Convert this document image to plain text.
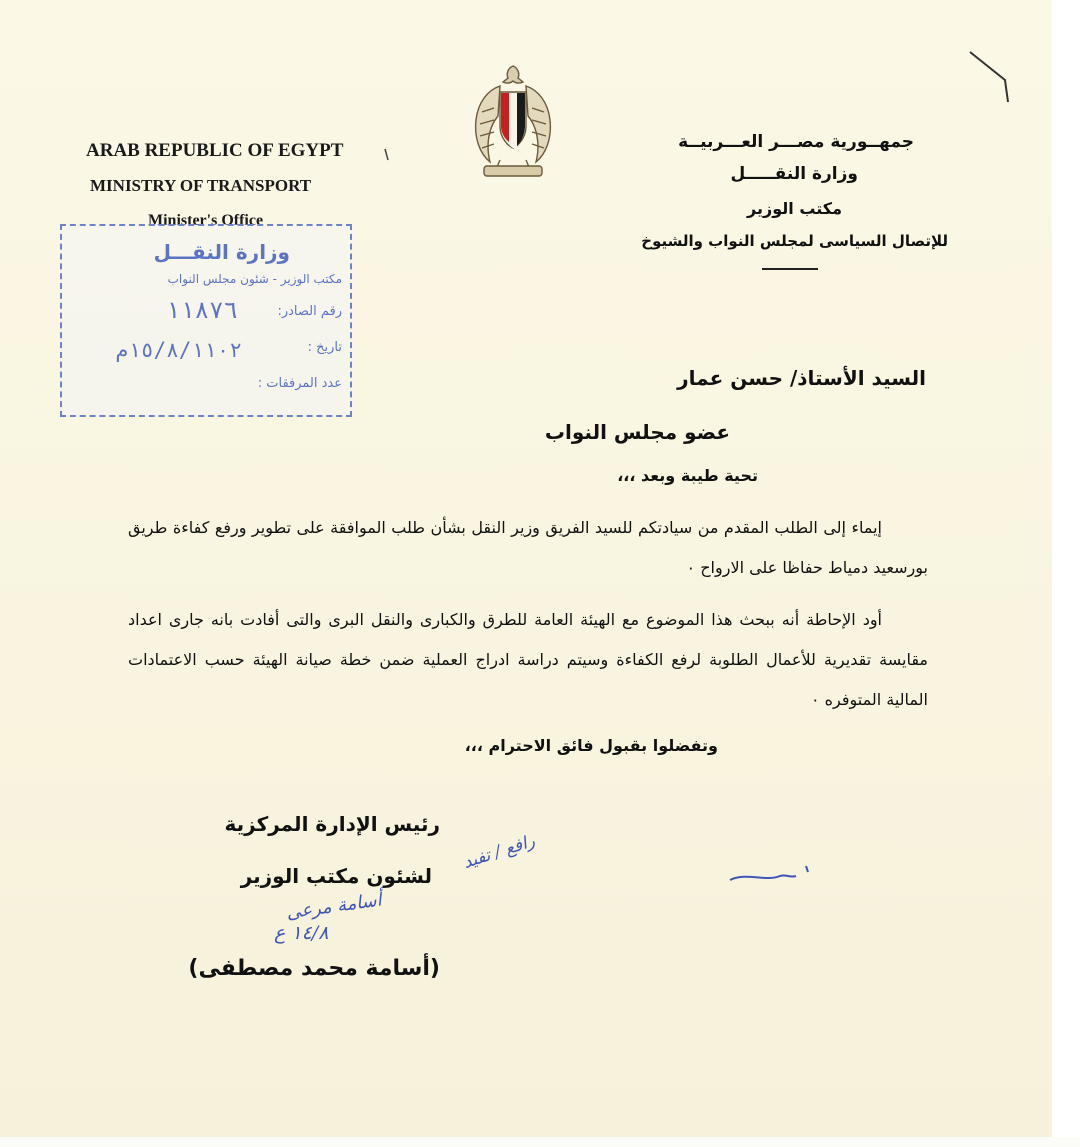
ARAB REPUBLIC OF EGYPT
MINISTRY OF TRANSPORT
Minister's Office
جمهــورية مصـــر العـــربيــة
وزارة النقـــــل
مكتب الوزير
للإتصال السياسى لمجلس النواب والشيوخ
وزارة النقـــل
مكتب الوزير - شئون مجلس النواب
رقم الصادر:
١١٨٧٦
تاريخ :
١٥/٨/١١٠٢م
عدد المرفقات :	السيد الأستاذ/ حسن عمار
عضو مجلس النواب
تحية طيبة وبعد ،،،
إيماء إلى الطلب المقدم من سيادتكم للسيد الفريق وزير النقل بشأن طلب الموافقة على تطوير ورفع كفاءة طريق بورسعيد دمياط حفاظا على الارواح ٠
أود الإحاطة أنه ببحث هذا الموضوع مع الهيئة العامة للطرق والكبارى والنقل البرى والتى أفادت بانه جارى اعداد مقايسة تقديرية للأعمال الطلوبة لرفع الكفاءة وسيتم دراسة ادراج العملية ضمن خطة صيانة الهيئة حسب الاعتمادات المالية المتوفره ٠
وتفضلوا بقبول فائق الاحترام ،،،
رئيس الإدارة المركزية
لشئون مكتب الوزير
أسامة مرعى
١٤/٨ ع
(أسامة محمد مصطفى)
رافع / تفيد
